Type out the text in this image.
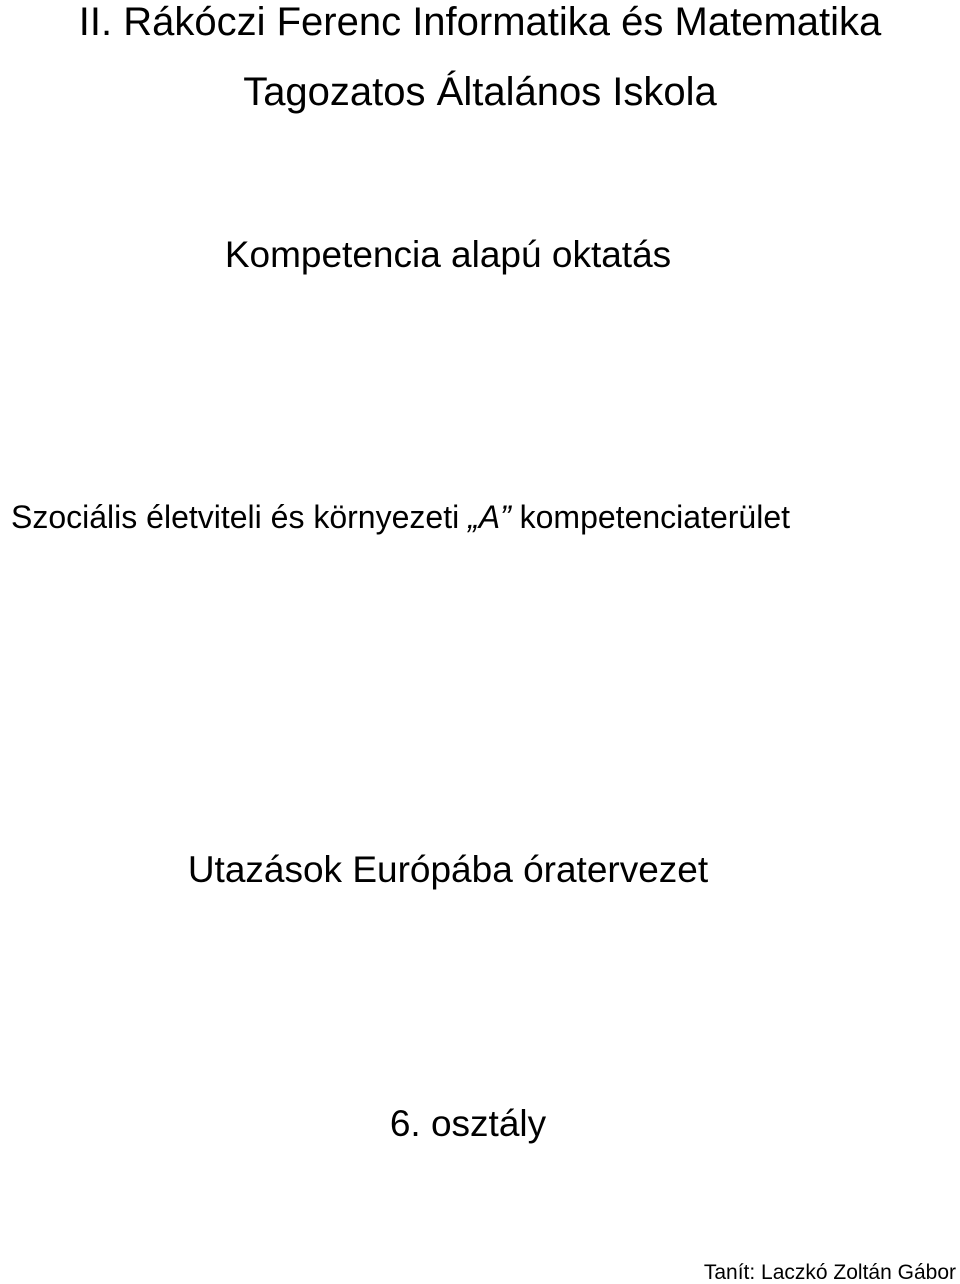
II. Rákóczi Ferenc Informatika és Matematika
Tagozatos Általános Iskola
Kompetencia alapú oktatás
Szociális életviteli és környezeti „A” kompetenciaterület
Utazások Európába óratervezet
6. osztály
Tanít: Laczkó Zoltán Gábor
